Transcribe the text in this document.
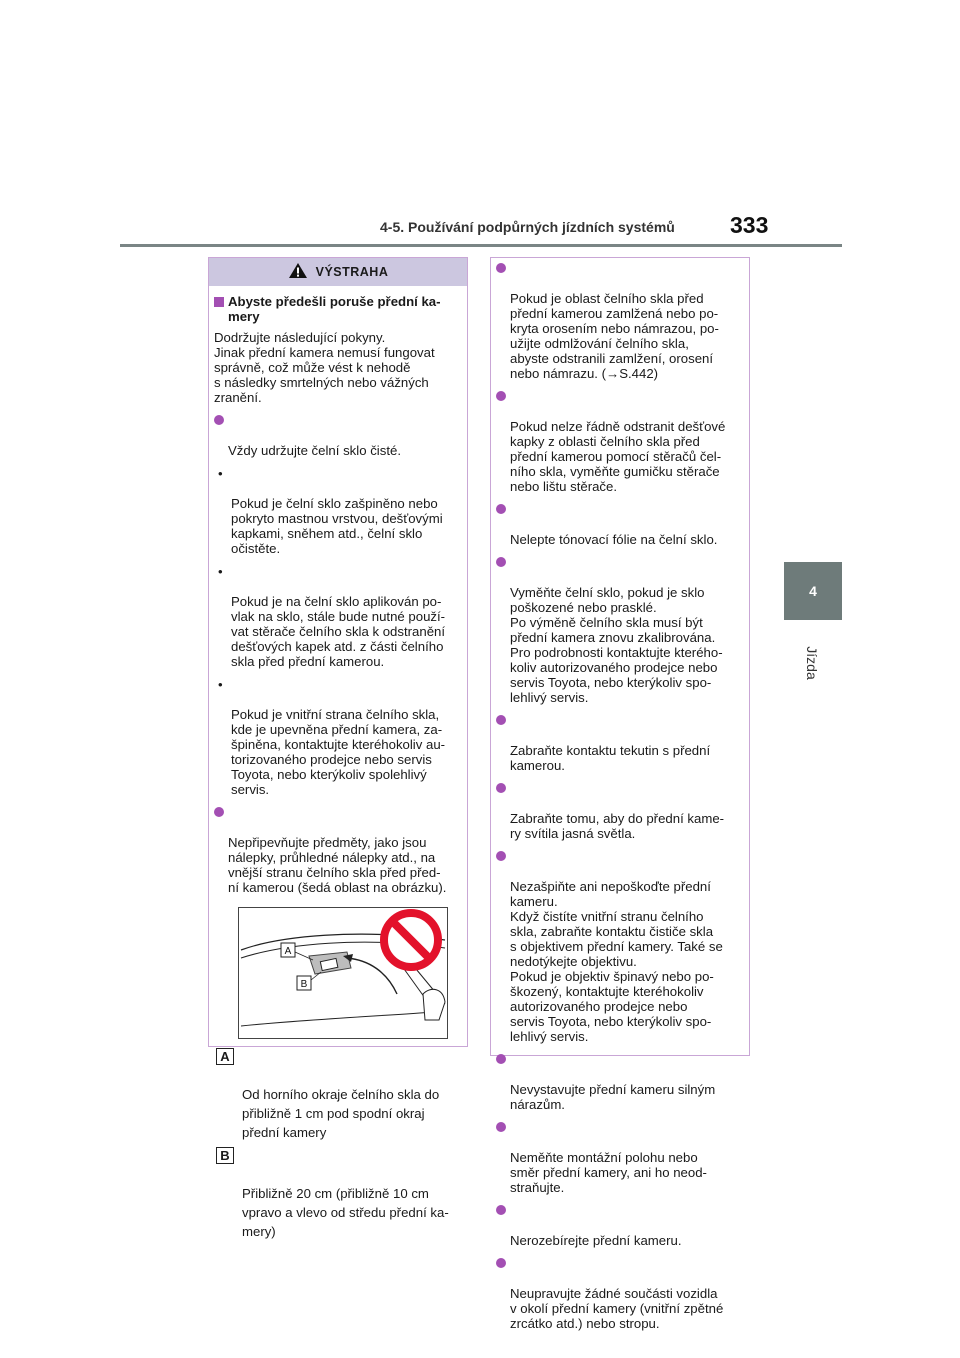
4-5. Používání podpůrných jízdních systémů 333
4
Jízda
VÝSTRAHA
Abyste předešli poruše přední ka-
mery
Dodržujte následující pokyny.
Jinak přední kamera nemusí fungovat
správně, což může vést k nehodě
s následky smrtelných nebo vážných
zranění.

Vždy udržujte čelní sklo čisté.

•

Pokud je čelní sklo zašpiněno nebo
pokryto mastnou vrstvou, dešťovými
kapkami, sněhem atd., čelní sklo
očistěte.

•

Pokud je na čelní sklo aplikován po-
vlak na sklo, stále bude nutné použí-
vat stěrače čelního skla k odstranění
dešťových kapek atd. z části čelního
skla před přední kamerou.

•

Pokud je vnitřní strana čelního skla,
kde je upevněna přední kamera, za-
špiněna, kontaktujte kteréhokoliv au-
torizovaného prodejce nebo servis
Toyota, nebo kterýkoliv spolehlivý
servis.

Nepřipevňujte předměty, jako jsou
nálepky, průhledné nálepky atd., na
vnější stranu čelního skla před před-
ní kamerou (šedá oblast na obrázku).

A
B

A

Od horního okraje čelního skla do
přibližně 1 cm pod spodní okraj
přední kamery

B

Přibližně 20 cm (přibližně 10 cm
vpravo a vlevo od středu přední ka-
mery)

Pokud je oblast čelního skla před
přední kamerou zamlžená nebo po-
kryta orosením nebo námrazou, po-
užijte odmlžování čelního skla,
abyste odstranili zamlžení, orosení
nebo námrazu. (→S.442)

Pokud nelze řádně odstranit dešťové
kapky z oblasti čelního skla před
přední kamerou pomocí stěračů čel-
ního skla, vyměňte gumičku stěrače
nebo lištu stěrače.

Nelepte tónovací fólie na čelní sklo.

Vyměňte čelní sklo, pokud je sklo
poškozené nebo prasklé.
Po výměně čelního skla musí být
přední kamera znovu zkalibrována.
Pro podrobnosti kontaktujte kterého-
koliv autorizovaného prodejce nebo
servis Toyota, nebo kterýkoliv spo-
lehlivý servis.

Zabraňte kontaktu tekutin s přední
kamerou.

Zabraňte tomu, aby do přední kame-
ry svítila jasná světla.

Nezašpiňte ani nepoškoďte přední
kameru.
Když čistíte vnitřní stranu čelního
skla, zabraňte kontaktu čističe skla
s objektivem přední kamery. Také se
nedotýkejte objektivu.
Pokud je objektiv špinavý nebo po-
škozený, kontaktujte kteréhokoliv
autorizovaného prodejce nebo
servis Toyota, nebo kterýkoliv spo-
lehlivý servis.

Nevystavujte přední kameru silným
nárazům.

Neměňte montážní polohu nebo
směr přední kamery, ani ho neod-
straňujte.

Nerozebírejte přední kameru.

Neupravujte žádné součásti vozidla
v okolí přední kamery (vnitřní zpětné
zrcátko atd.) nebo stropu.
